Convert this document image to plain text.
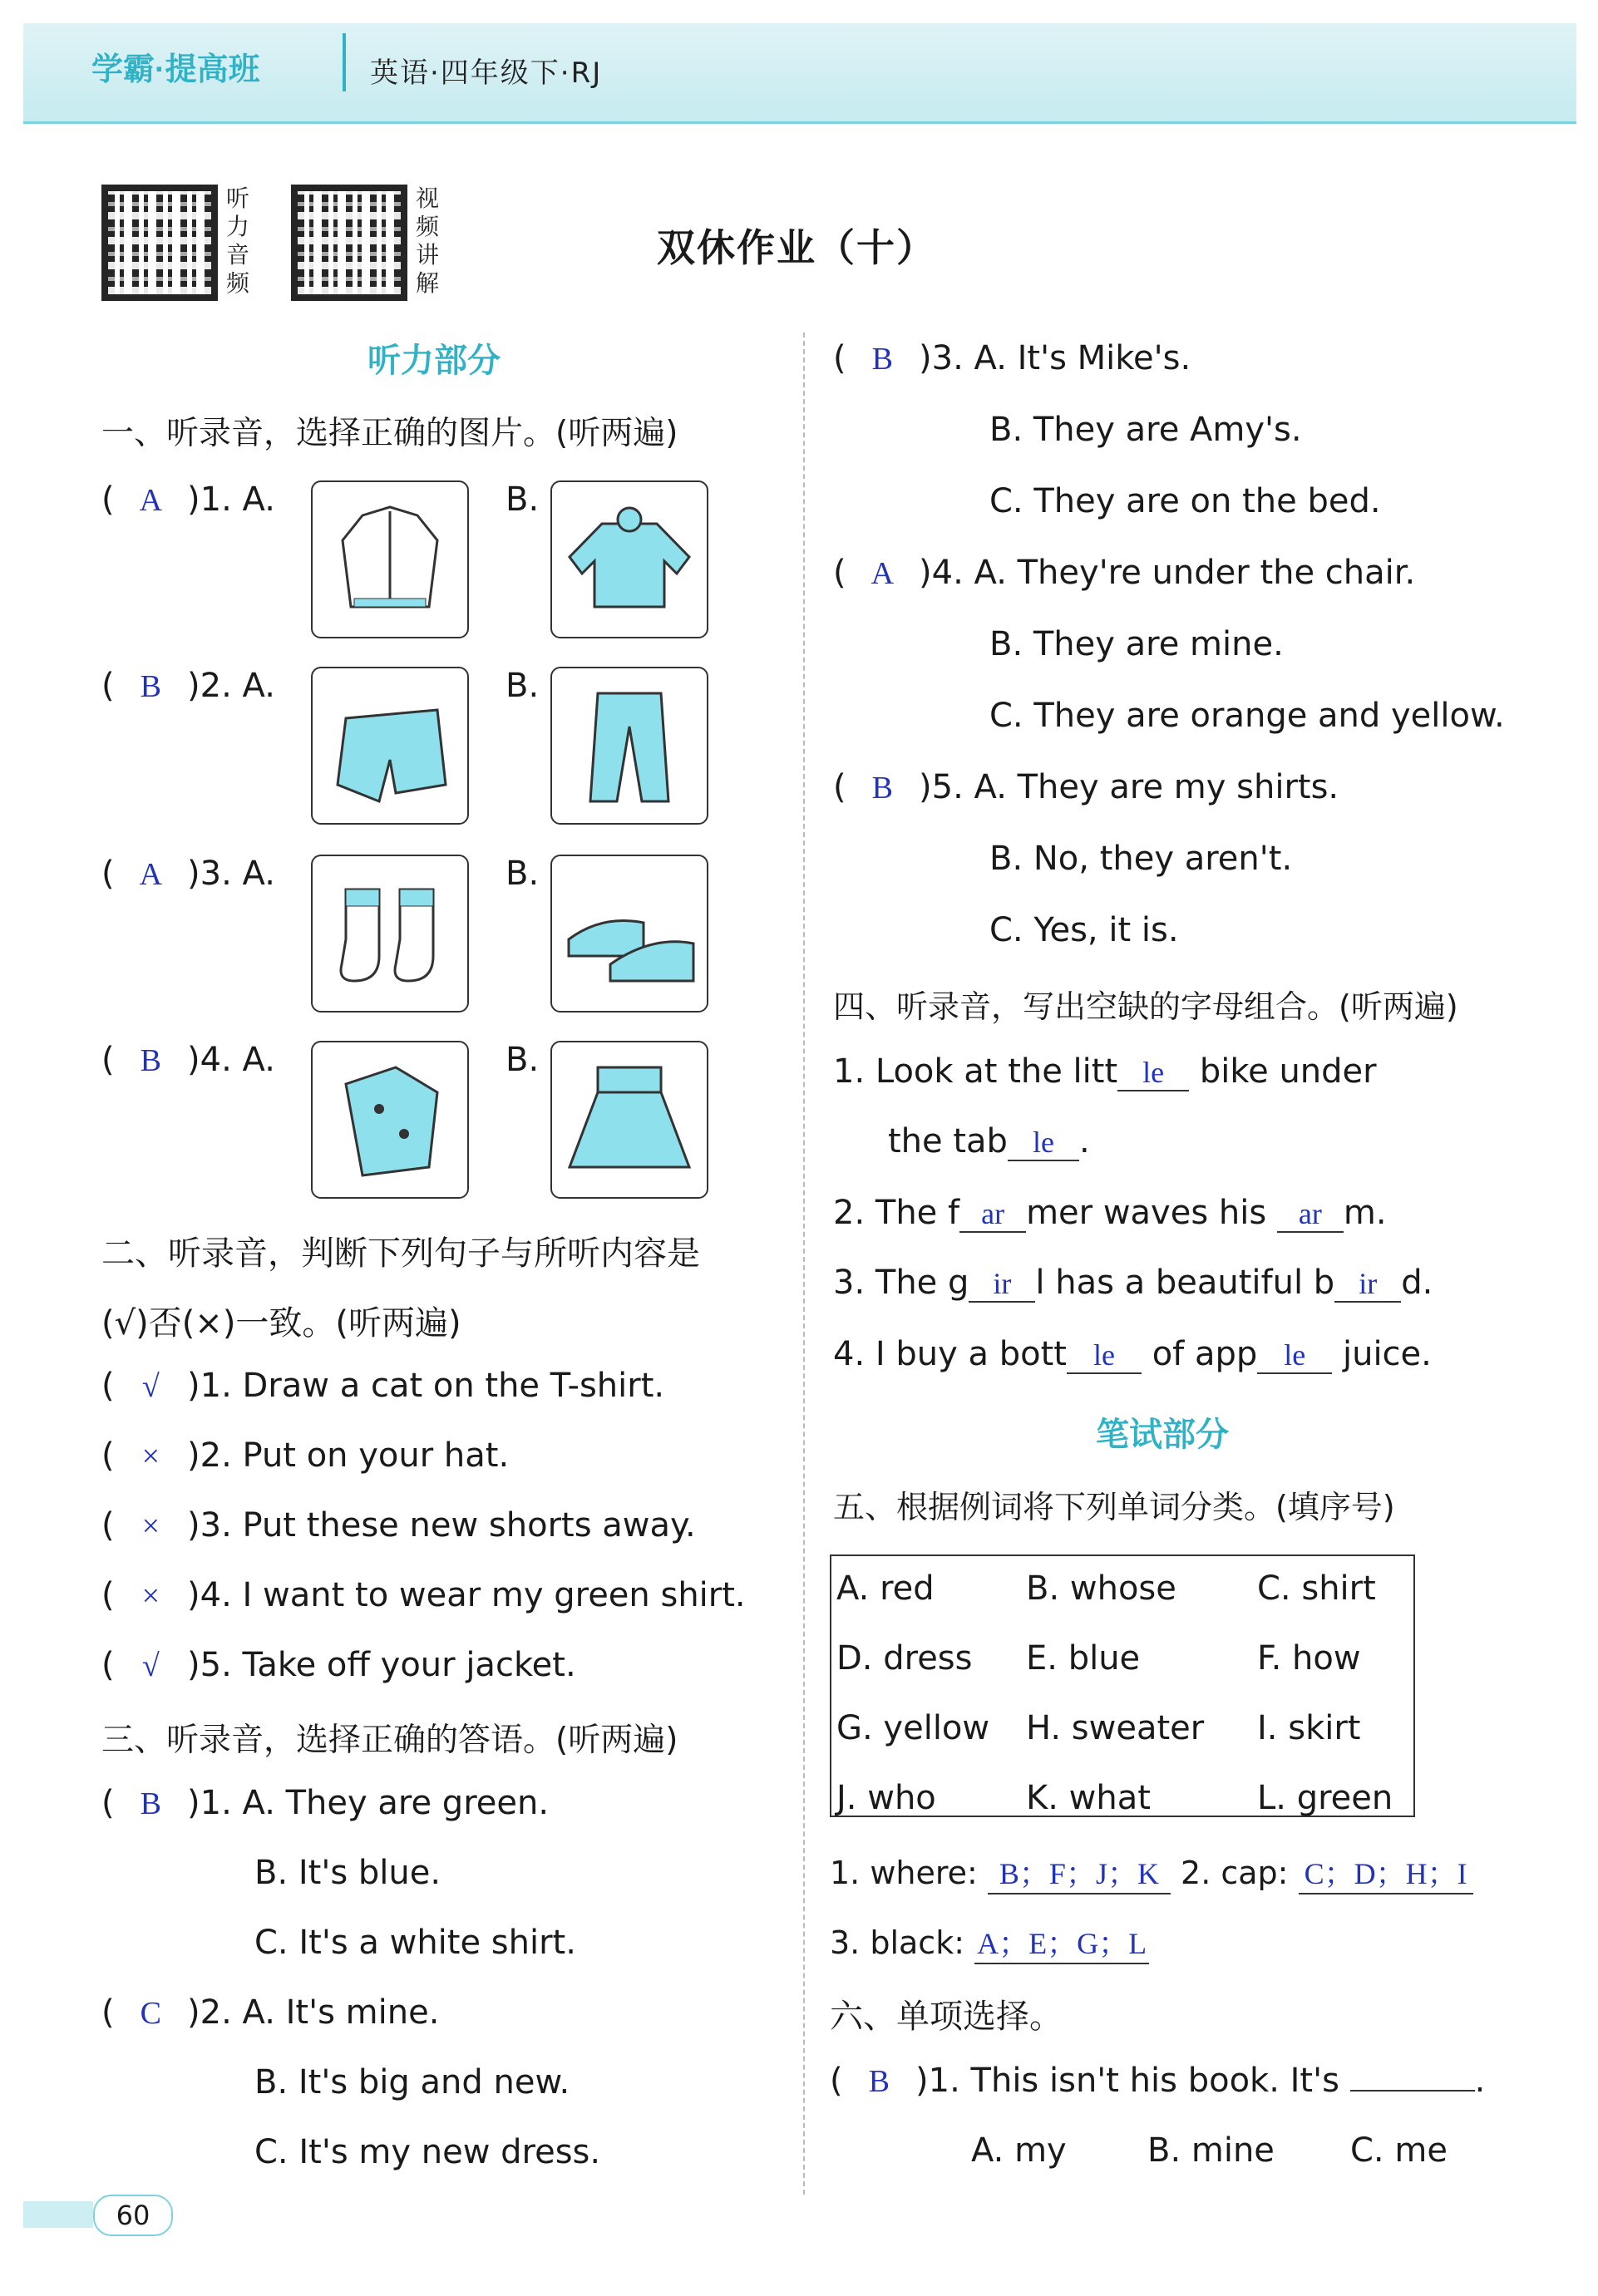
学霸·提高班	英语·四年级下·RJ
听
力
音
频
视
频
讲
解
双休作业（十）
听力部分
一、听录音，选择正确的图片。(听两遍)
( A )1. A.	B.
( B )2. A.	B.
( A )3. A.	B.
( B )4. A.	B.
二、听录音，判断下列句子与所听内容是
(√)否(×)一致。(听两遍)
( √ )1. Draw a cat on the T-shirt.
( × )2. Put on your hat.
( × )3. Put these new shorts away.
( × )4. I want to wear my green shirt.
( √ )5. Take off your jacket.
三、听录音，选择正确的答语。(听两遍)
( B )1. A. They are green.
B. It's blue.
C. It's a white shirt.
( C )2. A. It's mine.
B. It's big and new.
C. It's my new dress.
( B )3. A. It's Mike's.
B. They are Amy's.
C. They are on the bed.
( A )4. A. They're under the chair.
B. They are mine.
C. They are orange and yellow.
( B )5. A. They are my shirts.
B. No, they aren't.
C. Yes, it is.
四、听录音，写出空缺的字母组合。(听两遍)
1. Look at the litt le bike under
the tab le .
2. The f ar mer waves his ar m.
3. The g ir l has a beautiful b ir d.
4. I buy a bott le of app le juice.
笔试部分
五、根据例词将下列单词分类。(填序号)
A. red	B. whose C. shirt
D. dress E. blue	F. how
G. yellow H. sweater I. skirt
J. who	K. what	L. green
1. where: B；F；J；K 2. cap: C；D；H；I
3. black: A；E；G；L
六、单项选择。
( B )1. This isn't his book. It's	.
A. my B. mine C. me
60
